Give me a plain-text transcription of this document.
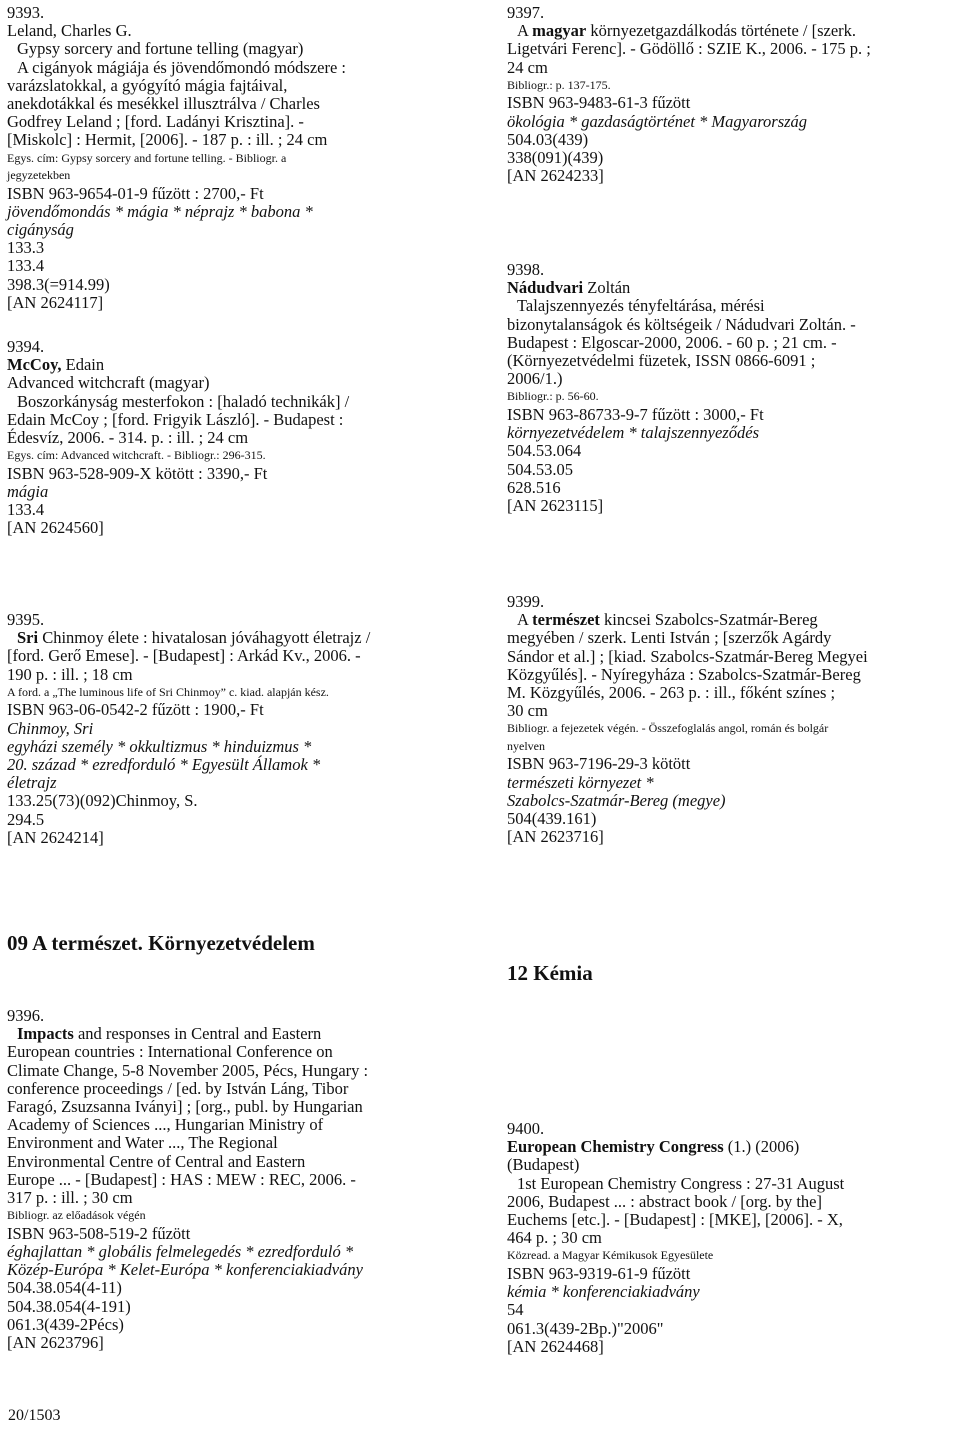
9393.

Leland, Charles G.

Gypsy sorcery and fortune telling (magyar)

A cigányok mágiája és jövendőmondó módszere :

varázslatokkal, a gyógyító mágia fajtáival,

anekdotákkal és mesékkel illusztrálva / Charles

Godfrey Leland ; [ford. Ladányi Krisztina]. -

[Miskolc] : Hermit, [2006]. - 187 p. : ill. ; 24 cm

Egys. cím: Gypsy sorcery and fortune telling. - Bibliogr. a

jegyzetekben

ISBN 963-9654-01-9 fűzött : 2700,- Ft

jövendőmondás * mágia * néprajz * babona *

cigányság

133.3

133.4

398.3(=914.99)

[AN 2624117]

9394.

McCoy, Edain

Advanced witchcraft (magyar)

Boszorkányság mesterfokon : [haladó technikák] /

Edain McCoy ; [ford. Frigyik László]. - Budapest :

Édesvíz, 2006. - 314. p. : ill. ; 24 cm

Egys. cím: Advanced witchcraft. - Bibliogr.: 296-315.

ISBN 963-528-909-X kötött : 3390,- Ft

mágia

133.4

[AN 2624560]

9395.

Sri Chinmoy élete : hivatalosan jóváhagyott életrajz /

[ford. Gerő Emese]. - [Budapest] : Arkád Kv., 2006. -

190 p. : ill. ; 18 cm

A ford. a „The luminous life of Sri Chinmoy” c. kiad. alapján kész.

ISBN 963-06-0542-2 fűzött : 1900,- Ft

Chinmoy, Sri

egyházi személy * okkultizmus * hinduizmus *

20. század * ezredforduló * Egyesült Államok *

életrajz

133.25(73)(092)Chinmoy, S.

294.5

[AN 2624214]

09 A természet. Környezetvédelem

9396.

Impacts and responses in Central and Eastern

European countries : International Conference on

Climate Change, 5-8 November 2005, Pécs, Hungary :

conference proceedings / [ed. by István Láng, Tibor

Faragó, Zsuzsanna Iványi] ; [org., publ. by Hungarian

Academy of Sciences ..., Hungarian Ministry of

Environment and Water ..., The Regional

Environmental Centre of Central and Eastern

Europe ... - [Budapest] : HAS : MEW : REC, 2006. -

317 p. : ill. ; 30 cm

Bibliogr. az előadások végén

ISBN 963-508-519-2 fűzött

éghajlattan * globális felmelegedés * ezredforduló *

Közép-Európa * Kelet-Európa * konferenciakiadvány

504.38.054(4-11)

504.38.054(4-191)

061.3(439-2Pécs)

[AN 2623796]

20/1503

9397.

A magyar környezetgazdálkodás története / [szerk.

Ligetvári Ferenc]. - Gödöllő : SZIE K., 2006. - 175 p. ;

24 cm

Bibliogr.: p. 137-175.

ISBN 963-9483-61-3 fűzött

ökológia * gazdaságtörténet * Magyarország

504.03(439)

338(091)(439)

[AN 2624233]

9398.

Nádudvari Zoltán

Talajszennyezés tényfeltárása, mérési

bizonytalanságok és költségeik / Nádudvari Zoltán. -

Budapest : Elgoscar-2000, 2006. - 60 p. ; 21 cm. -

(Környezetvédelmi füzetek, ISSN 0866-6091 ;

2006/1.)

Bibliogr.: p. 56-60.

ISBN 963-86733-9-7 fűzött : 3000,- Ft

környezetvédelem * talajszennyeződés

504.53.064

504.53.05

628.516

[AN 2623115]

9399.

A természet kincsei Szabolcs-Szatmár-Bereg

megyében / szerk. Lenti István ; [szerzők Agárdy

Sándor et al.] ; [kiad. Szabolcs-Szatmár-Bereg Megyei

Közgyűlés]. - Nyíregyháza : Szabolcs-Szatmár-Bereg

M. Közgyűlés, 2006. - 263 p. : ill., főként színes ;

30 cm

Bibliogr. a fejezetek végén. - Összefoglalás angol, román és bolgár

nyelven

ISBN 963-7196-29-3 kötött

természeti környezet *

Szabolcs-Szatmár-Bereg (megye)

504(439.161)

[AN 2623716]

12 Kémia

9400.

European Chemistry Congress (1.) (2006)

(Budapest)

1st European Chemistry Congress : 27-31 August

2006, Budapest ... : abstract book / [org. by the]

Euchems [etc.]. - [Budapest] : [MKE], [2006]. - X,

464 p. ; 30 cm

Közread. a Magyar Kémikusok Egyesülete

ISBN 963-9319-61-9 fűzött

kémia * konferenciakiadvány

54

061.3(439-2Bp.)"2006"

[AN 2624468]
